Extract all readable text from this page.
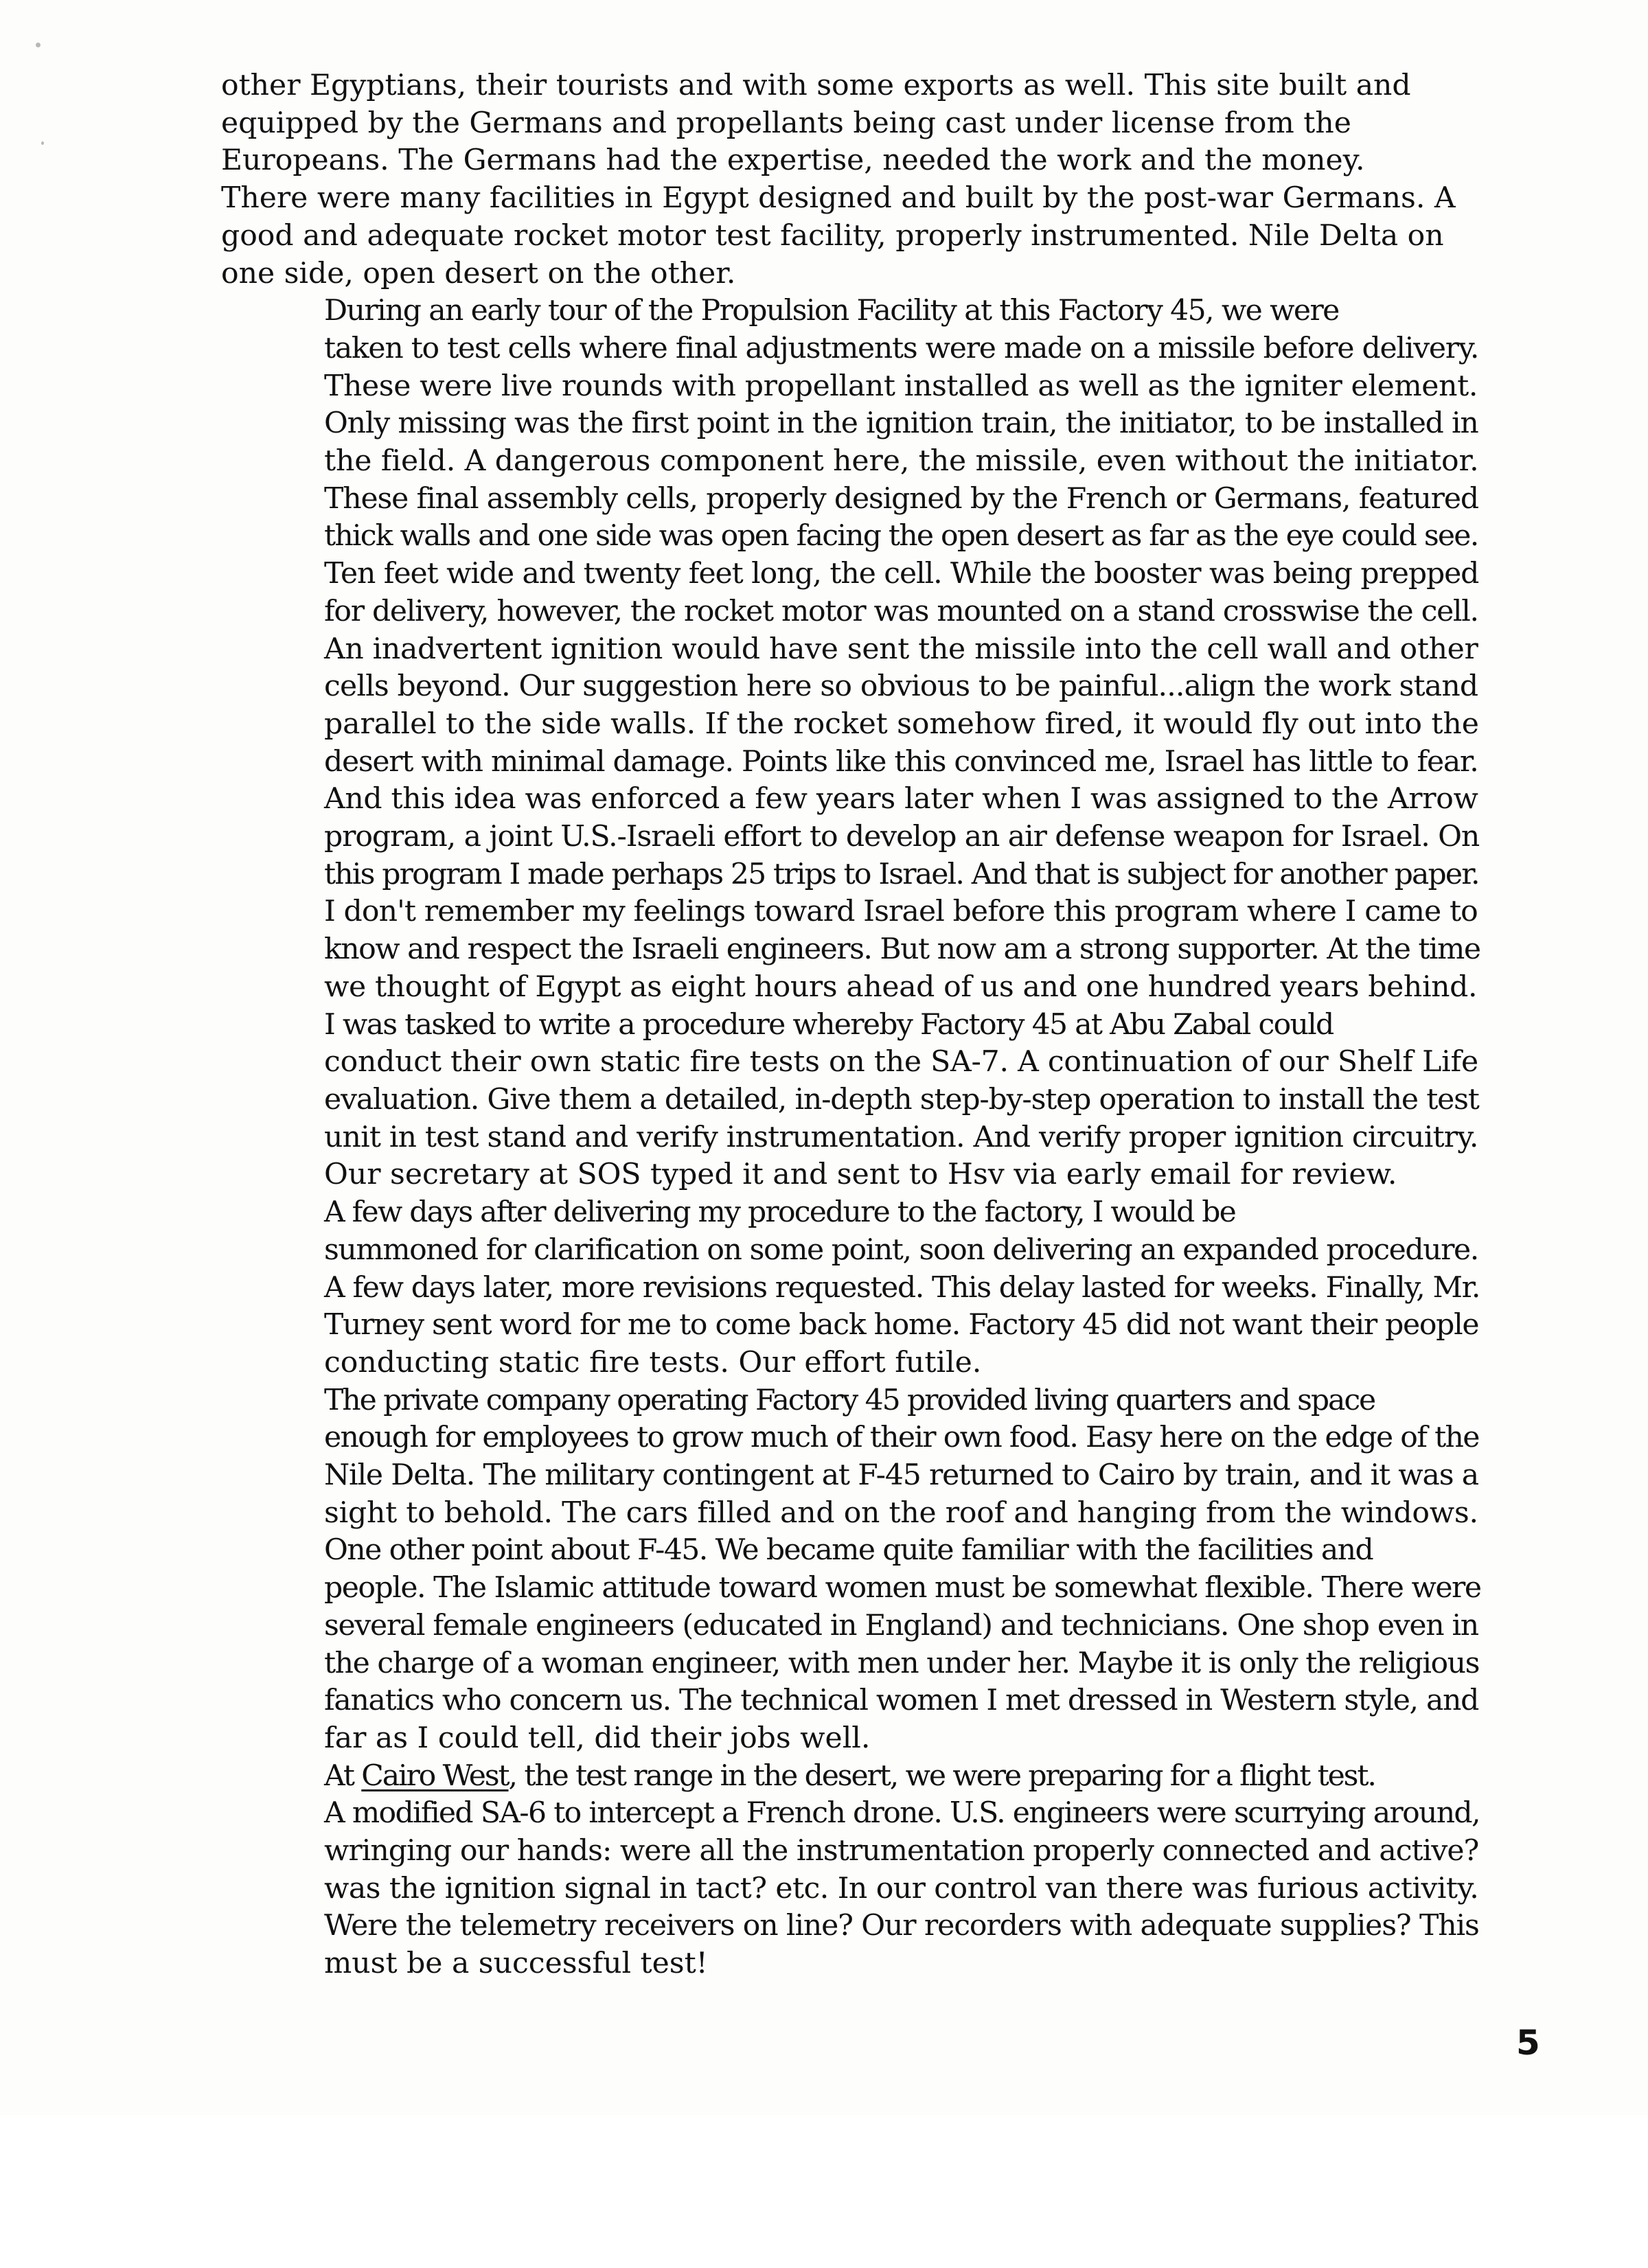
other Egyptians, their tourists and with some exports as well. This site built and
equipped by the Germans and propellants being cast under license from the
Europeans. The Germans had the expertise, needed the work and the money.
There were many facilities in Egypt designed and built by the post-war Germans. A
good and adequate rocket motor test facility, properly instrumented. Nile Delta on
one side, open desert on the other.
During an early tour of the Propulsion Facility at this Factory 45, we were
taken to test cells where final adjustments were made on a missile before delivery.
These were live rounds with propellant installed as well as the igniter element.
Only missing was the first point in the ignition train, the initiator, to be installed in
the field. A dangerous component here, the missile, even without the initiator.
These final assembly cells, properly designed by the French or Germans, featured
thick walls and one side was open facing the open desert as far as the eye could see.
Ten feet wide and twenty feet long, the cell. While the booster was being prepped
for delivery, however, the rocket motor was mounted on a stand crosswise the cell.
An inadvertent ignition would have sent the missile into the cell wall and other
cells beyond. Our suggestion here so obvious to be painful...align the work stand
parallel to the side walls. If the rocket somehow fired, it would fly out into the
desert with minimal damage. Points like this convinced me, Israel has little to fear.
And this idea was enforced a few years later when I was assigned to the Arrow
program, a joint U.S.-Israeli effort to develop an air defense weapon for Israel. On
this program I made perhaps 25 trips to Israel. And that is subject for another paper.
I don't remember my feelings toward Israel before this program where I came to
know and respect the Israeli engineers. But now am a strong supporter. At the time
we thought of Egypt as eight hours ahead of us and one hundred years behind.
I was tasked to write a procedure whereby Factory 45 at Abu Zabal could
conduct their own static fire tests on the SA-7. A continuation of our Shelf Life
evaluation. Give them a detailed, in-depth step-by-step operation to install the test
unit in test stand and verify instrumentation. And verify proper ignition circuitry.
Our secretary at SOS typed it and sent to Hsv via early email for review.
A few days after delivering my procedure to the factory, I would be
summoned for clarification on some point, soon delivering an expanded procedure.
A few days later, more revisions requested. This delay lasted for weeks. Finally, Mr.
Turney sent word for me to come back home. Factory 45 did not want their people
conducting static fire tests. Our effort futile.
The private company operating Factory 45 provided living quarters and space
enough for employees to grow much of their own food. Easy here on the edge of the
Nile Delta. The military contingent at F-45 returned to Cairo by train, and it was a
sight to behold. The cars filled and on the roof and hanging from the windows.
One other point about F-45. We became quite familiar with the facilities and
people. The Islamic attitude toward women must be somewhat flexible. There were
several female engineers (educated in England) and technicians. One shop even in
the charge of a woman engineer, with men under her. Maybe it is only the religious
fanatics who concern us. The technical women I met dressed in Western style, and
far as I could tell, did their jobs well.
At Cairo West, the test range in the desert, we were preparing for a flight test.
A modified SA-6 to intercept a French drone. U.S. engineers were scurrying around,
wringing our hands: were all the instrumentation properly connected and active?
was the ignition signal in tact? etc. In our control van there was furious activity.
Were the telemetry receivers on line? Our recorders with adequate supplies? This
must be a successful test!
5
